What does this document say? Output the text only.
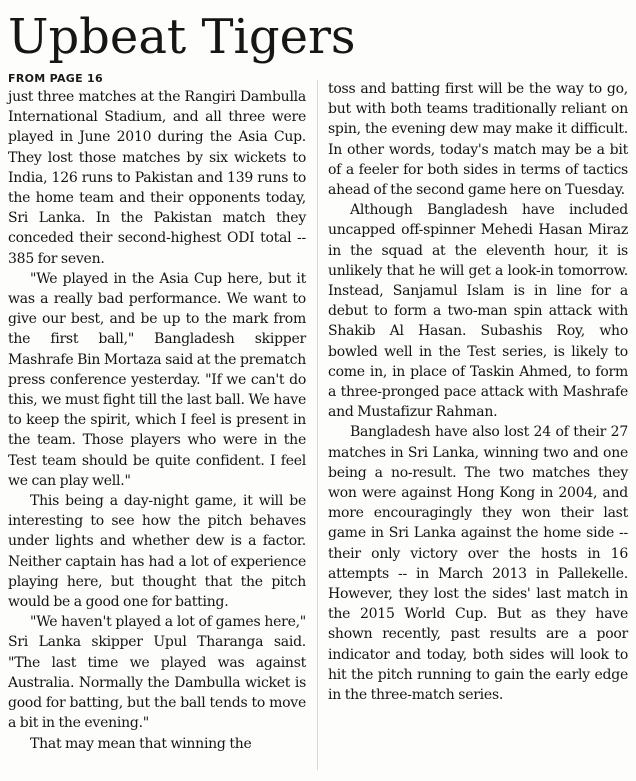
Upbeat Tigers
FROM PAGE 16

just three matches at the Rangiri Dambulla International Stadium, and all three were played in June 2010 during the Asia Cup. They lost those matches by six wickets to India, 126 runs to Pakistan and 139 runs to the home team and their opponents today, Sri Lanka. In the Pakistan match they conceded their second-highest ODI total -- 385 for seven.

"We played in the Asia Cup here, but it was a really bad performance. We want to give our best, and be up to the mark from the first ball," Bangladesh skipper Mashrafe Bin Mortaza said at the prematch press conference yesterday. "If we can't do this, we must fight till the last ball. We have to keep the spirit, which I feel is present in the team. Those players who were in the Test team should be quite confident. I feel we can play well."

This being a day-night game, it will be interesting to see how the pitch behaves under lights and whether dew is a factor. Neither captain has had a lot of experience playing here, but thought that the pitch would be a good one for batting.

"We haven't played a lot of games here," Sri Lanka skipper Upul Tharanga said. "The last time we played was against Australia. Normally the Dambulla wicket is good for batting, but the ball tends to move a bit in the evening."

That may mean that winning the

toss and batting first will be the way to go, but with both teams traditionally reliant on spin, the evening dew may make it difficult. In other words, today's match may be a bit of a feeler for both sides in terms of tactics ahead of the second game here on Tuesday.

Although Bangladesh have included uncapped off-spinner Mehedi Hasan Miraz in the squad at the eleventh hour, it is unlikely that he will get a look-in tomorrow. Instead, Sanjamul Islam is in line for a debut to form a two-man spin attack with Shakib Al Hasan. Subashis Roy, who bowled well in the Test series, is likely to come in, in place of Taskin Ahmed, to form a three-pronged pace attack with Mashrafe and Mustafizur Rahman.

Bangladesh have also lost 24 of their 27 matches in Sri Lanka, winning two and one being a no-result. The two matches they won were against Hong Kong in 2004, and more encouragingly they won their last game in Sri Lanka against the home side -- their only victory over the hosts in 16 attempts -- in March 2013 in Pallekelle. However, they lost the sides' last match in the 2015 World Cup. But as they have shown recently, past results are a poor indicator and today, both sides will look to hit the pitch running to gain the early edge in the three-match series.
